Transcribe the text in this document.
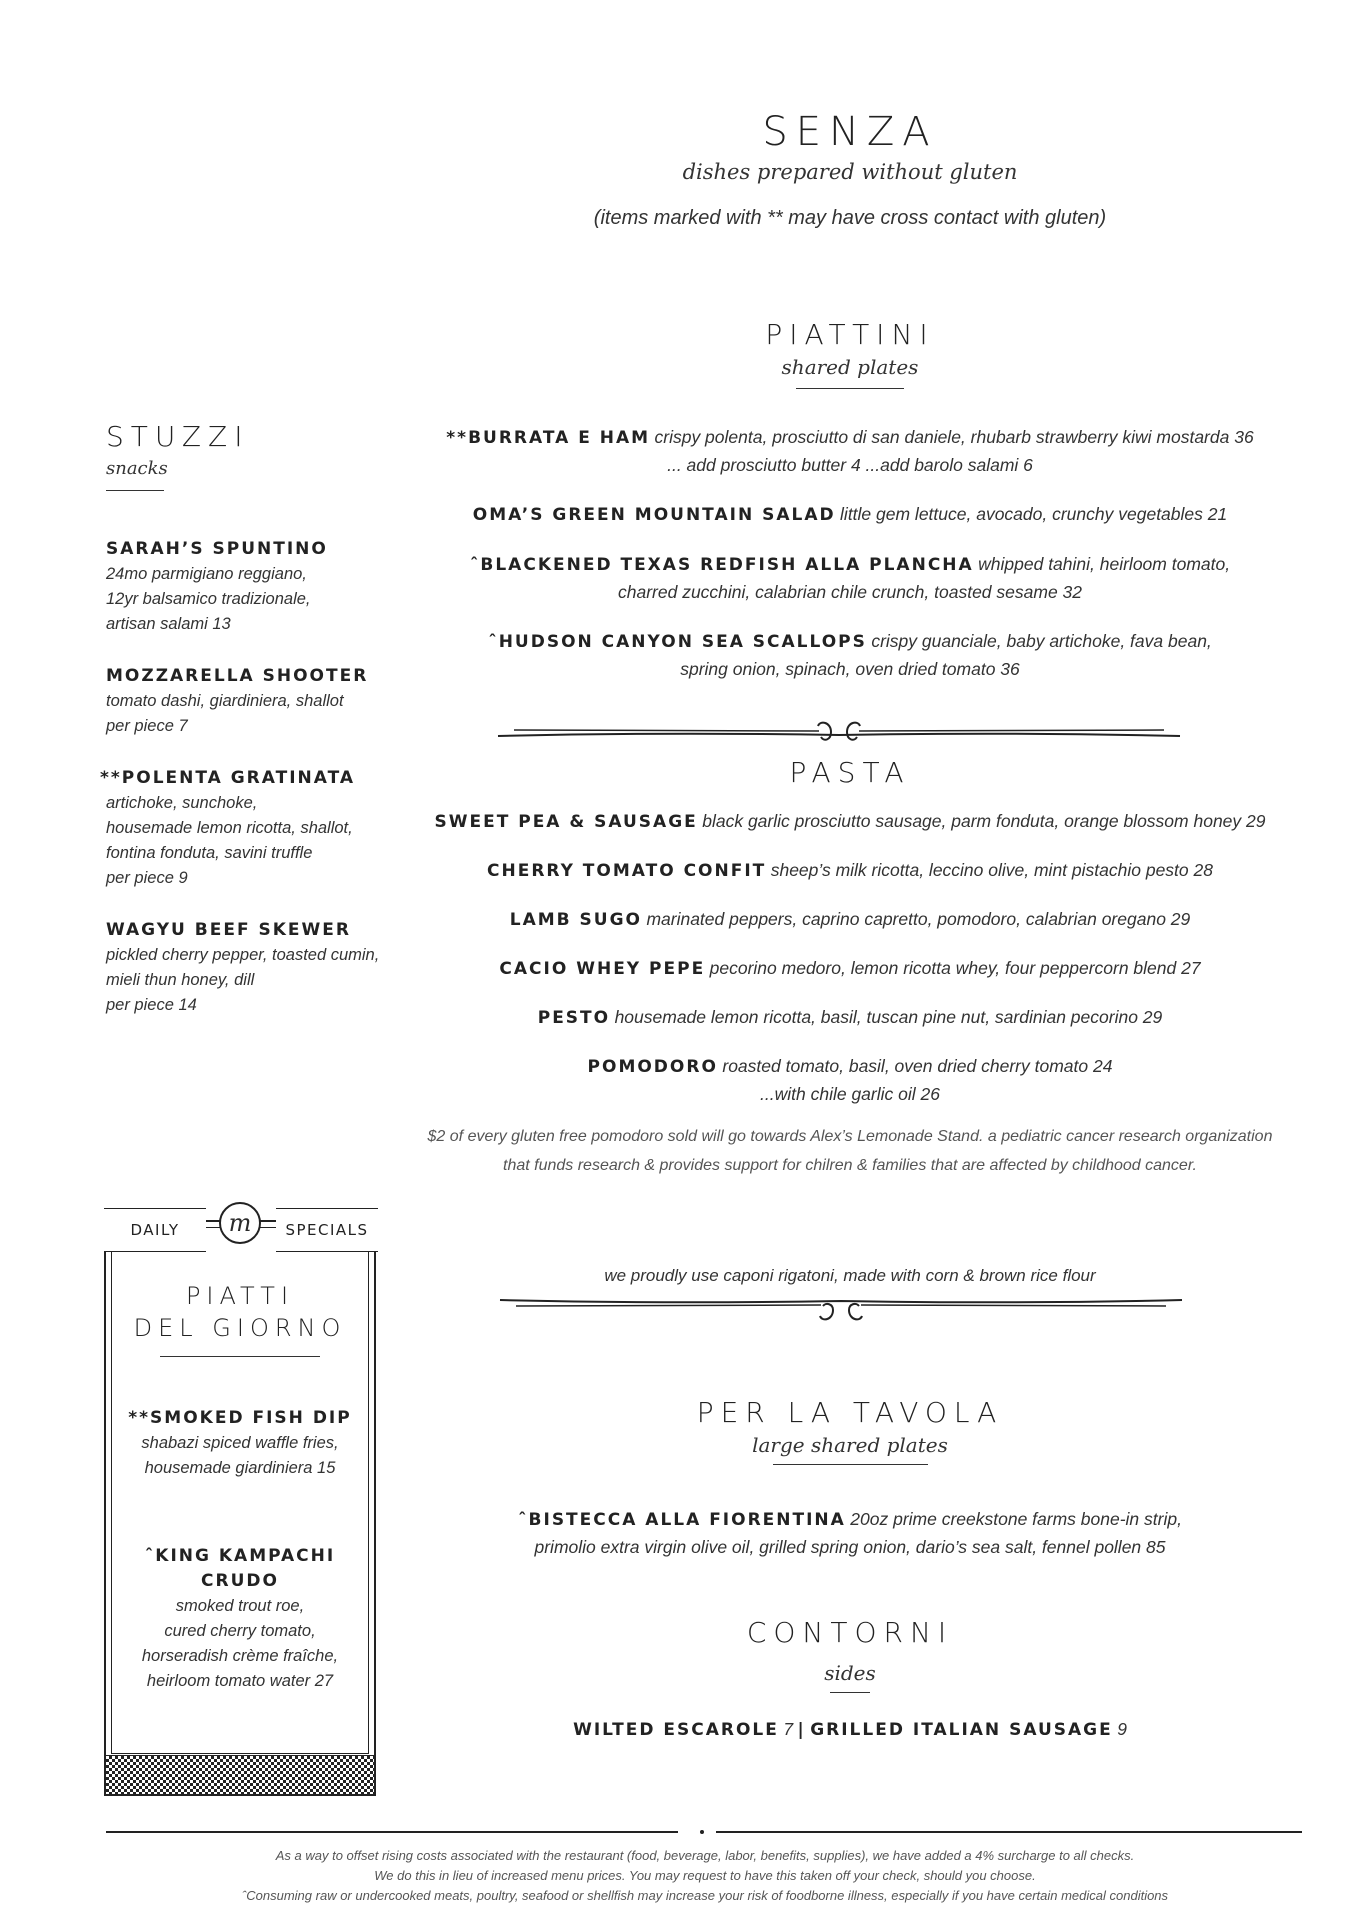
SENZA
dishes prepared without gluten
(items marked with ** may have cross contact with gluten)
PIATTINI
shared plates
**BURRATA E HAM crispy polenta, prosciutto di san daniele, rhubarb strawberry kiwi mostarda 36
... add prosciutto butter 4 ...add barolo salami 6
OMA’S GREEN MOUNTAIN SALAD little gem lettuce, avocado, crunchy vegetables 21
ˆBLACKENED TEXAS REDFISH ALLA PLANCHA whipped tahini, heirloom tomato,
charred zucchini, calabrian chile crunch, toasted sesame 32
ˆHUDSON CANYON SEA SCALLOPS crispy guanciale, baby artichoke, fava bean,
spring onion, spinach, oven dried tomato 36
PASTA
SWEET PEA & SAUSAGE black garlic prosciutto sausage, parm fonduta, orange blossom honey 29
CHERRY TOMATO CONFIT sheep’s milk ricotta, leccino olive, mint pistachio pesto 28
LAMB SUGO marinated peppers, caprino capretto, pomodoro, calabrian oregano 29
CACIO WHEY PEPE pecorino medoro, lemon ricotta whey, four peppercorn blend 27
PESTO housemade lemon ricotta, basil, tuscan pine nut, sardinian pecorino 29
POMODORO roasted tomato, basil, oven dried cherry tomato 24
...with chile garlic oil 26
$2 of every gluten free pomodoro sold will go towards Alex’s Lemonade Stand. a pediatric cancer research organization
that funds research & provides support for chilren & families that are affected by childhood cancer.
we proudly use caponi rigatoni, made with corn & brown rice flour
PER LA TAVOLA
large shared plates
ˆBISTECCA ALLA FIORENTINA 20oz prime creekstone farms bone-in strip,
primolio extra virgin olive oil, grilled spring onion, dario’s sea salt, fennel pollen 85
CONTORNI
sides
WILTED ESCAROLE 7 | GRILLED ITALIAN SAUSAGE 9
STUZZI
snacks
SARAH’S SPUNTINO
24mo parmigiano reggiano,
12yr balsamico tradizionale,
artisan salami 13
MOZZARELLA SHOOTER
tomato dashi, giardiniera, shallot
per piece 7
**POLENTA GRATINATA
artichoke, sunchoke,
housemade lemon ricotta, shallot,
fontina fonduta, savini truffle
per piece 9
WAGYU BEEF SKEWER
pickled cherry pepper, toasted cumin,
mieli thun honey, dill
per piece 14
DAILY	SPECIALS
m
PIATTI
DEL GIORNO
**SMOKED FISH DIP
shabazi spiced waffle fries,
housemade giardiniera 15
ˆKING KAMPACHI
CRUDO
smoked trout roe,
cured cherry tomato,
horseradish crème fraîche,
heirloom tomato water 27
As a way to offset rising costs associated with the restaurant (food, beverage, labor, benefits, supplies), we have added a 4% surcharge to all checks.
We do this in lieu of increased menu prices. You may request to have this taken off your check, should you choose.
ˆConsuming raw or undercooked meats, poultry, seafood or shellfish may increase your risk of foodborne illness, especially if you have certain medical conditions
